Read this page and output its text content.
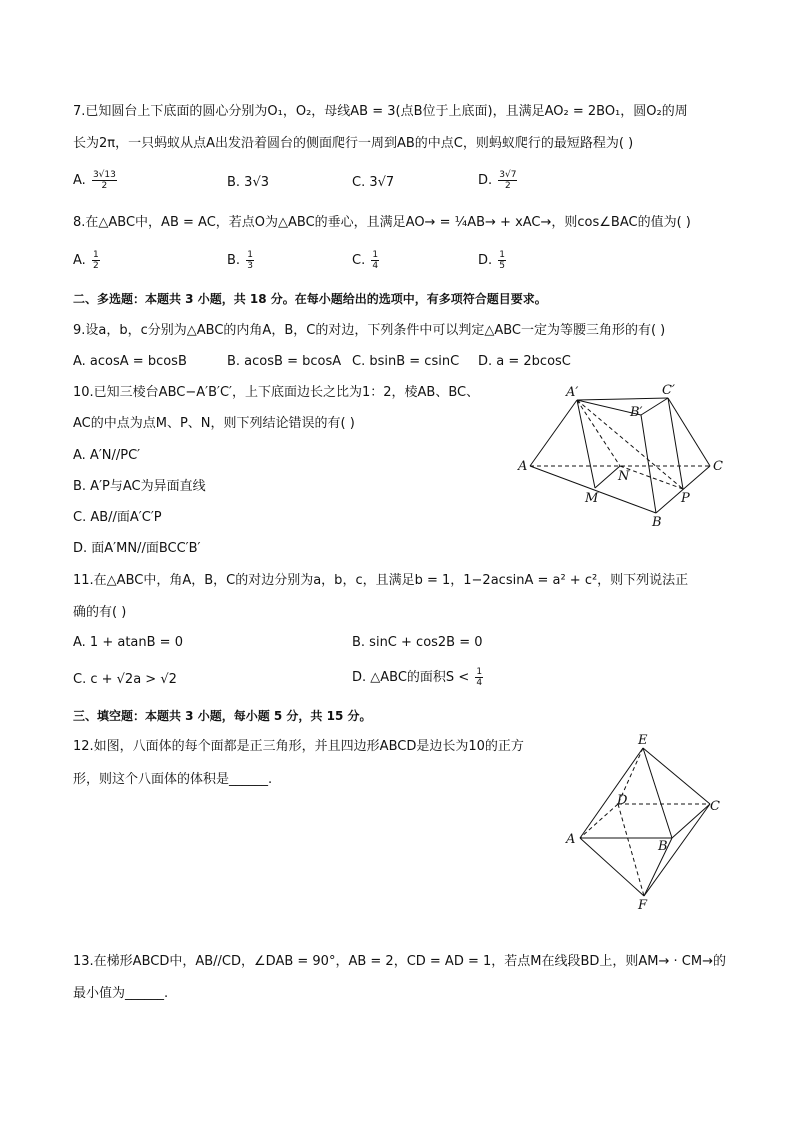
7.已知圆台上下底面的圆心分别为O₁，O₂，母线AB = 3(点B位于上底面)，且满足AO₂ = 2BO₁，圆O₂的周
长为2π，一只蚂蚁从点A出发沿着圆台的侧面爬行一周到AB的中点C，则蚂蚁爬行的最短路程为( )
A. $\frac{3√13}{2}$	B. 3√3	C. 3√7	D. $\frac{3√7}{2}$
8.在△ABC中，AB = AC，若点O为△ABC的垂心，且满足AO→ = ¼AB→ + xAC→，则cos∠BAC的值为( )
A. $\frac{1}{2}$	B. $\frac{1}{3}$	C. $\frac{1}{4}$	D. $\frac{1}{5}$
二、多选题：本题共 3 小题，共 18 分。在每小题给出的选项中，有多项符合题目要求。
9.设a，b，c分别为△ABC的内角A，B，C的对边，下列条件中可以判定△ABC一定为等腰三角形的有( )
A. acosA = bcosB	B. acosB = bcosA C. bsinB = csinC D. a = 2bcosC
10.已知三棱台ABC−A′B′C′，上下底面边长之比为1：2，棱AB、BC、
AC的中点为点M、P、N，则下列结论错误的有( )
A. A′N//PC′
B. A′P与AC为异面直线
C. AB//面A′C′P
D. 面A′MN//面BCC′B′
A′	C′
B′
A	C
N
M	P
B
11.在△ABC中，角A，B，C的对边分别为a，b，c，且满足b = 1，1−2acsinA = a² + c²，则下列说法正
确的有( )
A. 1 + atanB = 0	B. sinC + cos2B = 0
C. c + √2a > √2	D. △ABC的面积$S < \frac{1}{4}$
三、填空题：本题共 3 小题，每小题 5 分，共 15 分。
12.如图，八面体的每个面都是正三角形，并且四边形ABCD是边长为10的正方
形，则这个八面体的体积是______.
E
D	C
A	B
F
13.在梯形ABCD中，AB//CD，∠DAB = 90°，AB = 2，CD = AD = 1，若点M在线段BD上，则AM→ · CM→的
最小值为______.
